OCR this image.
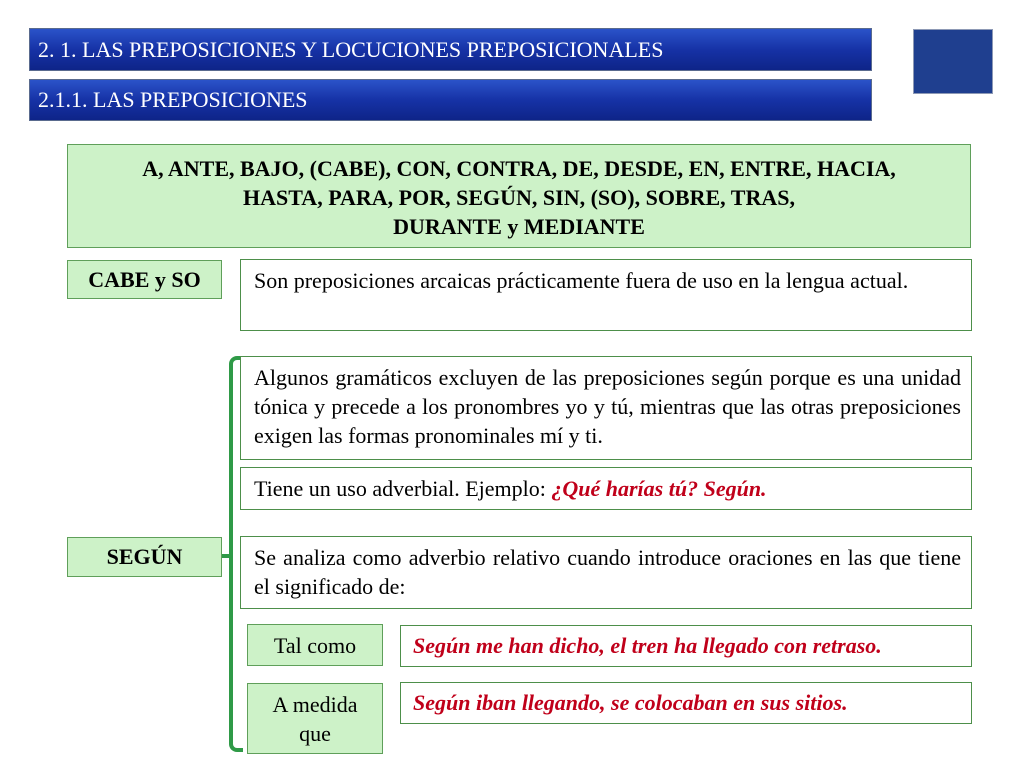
2. 1. LAS PREPOSICIONES Y LOCUCIONES PREPOSICIONALES
2.1.1. LAS PREPOSICIONES
A, ANTE, BAJO, (CABE), CON, CONTRA, DE, DESDE, EN, ENTRE, HACIA,
HASTA, PARA, POR, SEGÚN, SIN, (SO), SOBRE, TRAS,
DURANTE y MEDIANTE
CABE y SO	Son preposiciones arcaicas prácticamente fuera de uso en la lengua actual.
SEGÚN
Algunos gramáticos excluyen de las preposiciones según porque es una unidad tónica y precede a los pronombres yo y tú, mientras que las otras preposiciones exigen las formas pronominales mí y ti.
Tiene un uso adverbial. Ejemplo: ¿Qué harías tú? Según.
Se analiza como adverbio relativo cuando introduce oraciones en las que tiene el significado de:
Tal como	Según me han dicho, el tren ha llegado con retraso.
A medida que
Según iban llegando, se colocaban en sus sitios.
